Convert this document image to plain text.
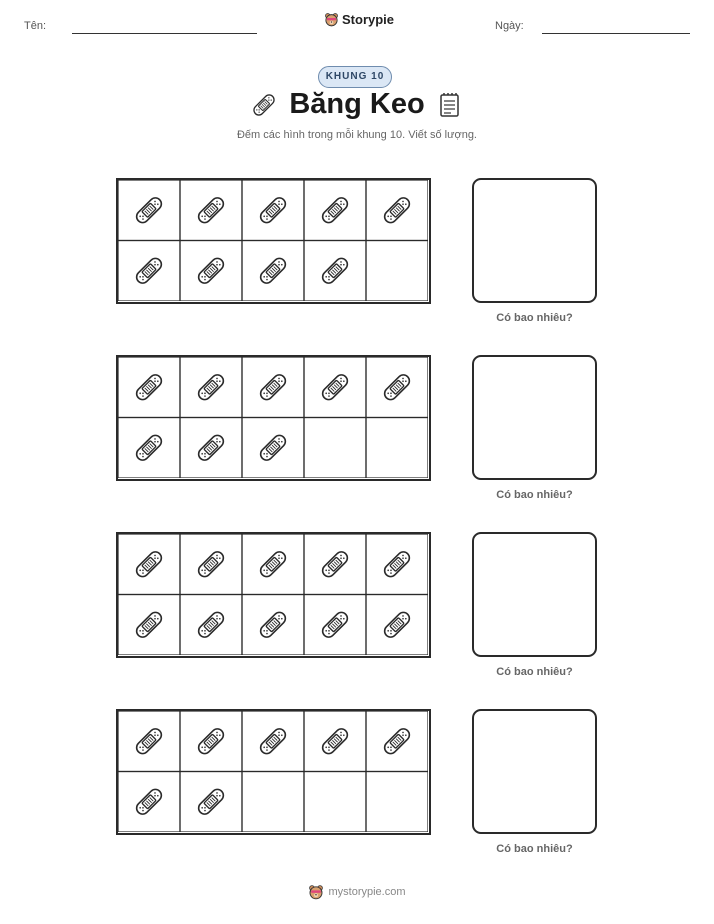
Tên:	Storypie	Ngày:
KHUNG 10
Băng Keo
Đếm các hình trong mỗi khung 10. Viết số lượng.
Có bao nhiêu?
Có bao nhiêu?
Có bao nhiêu?
Có bao nhiêu?
mystorypie.com
